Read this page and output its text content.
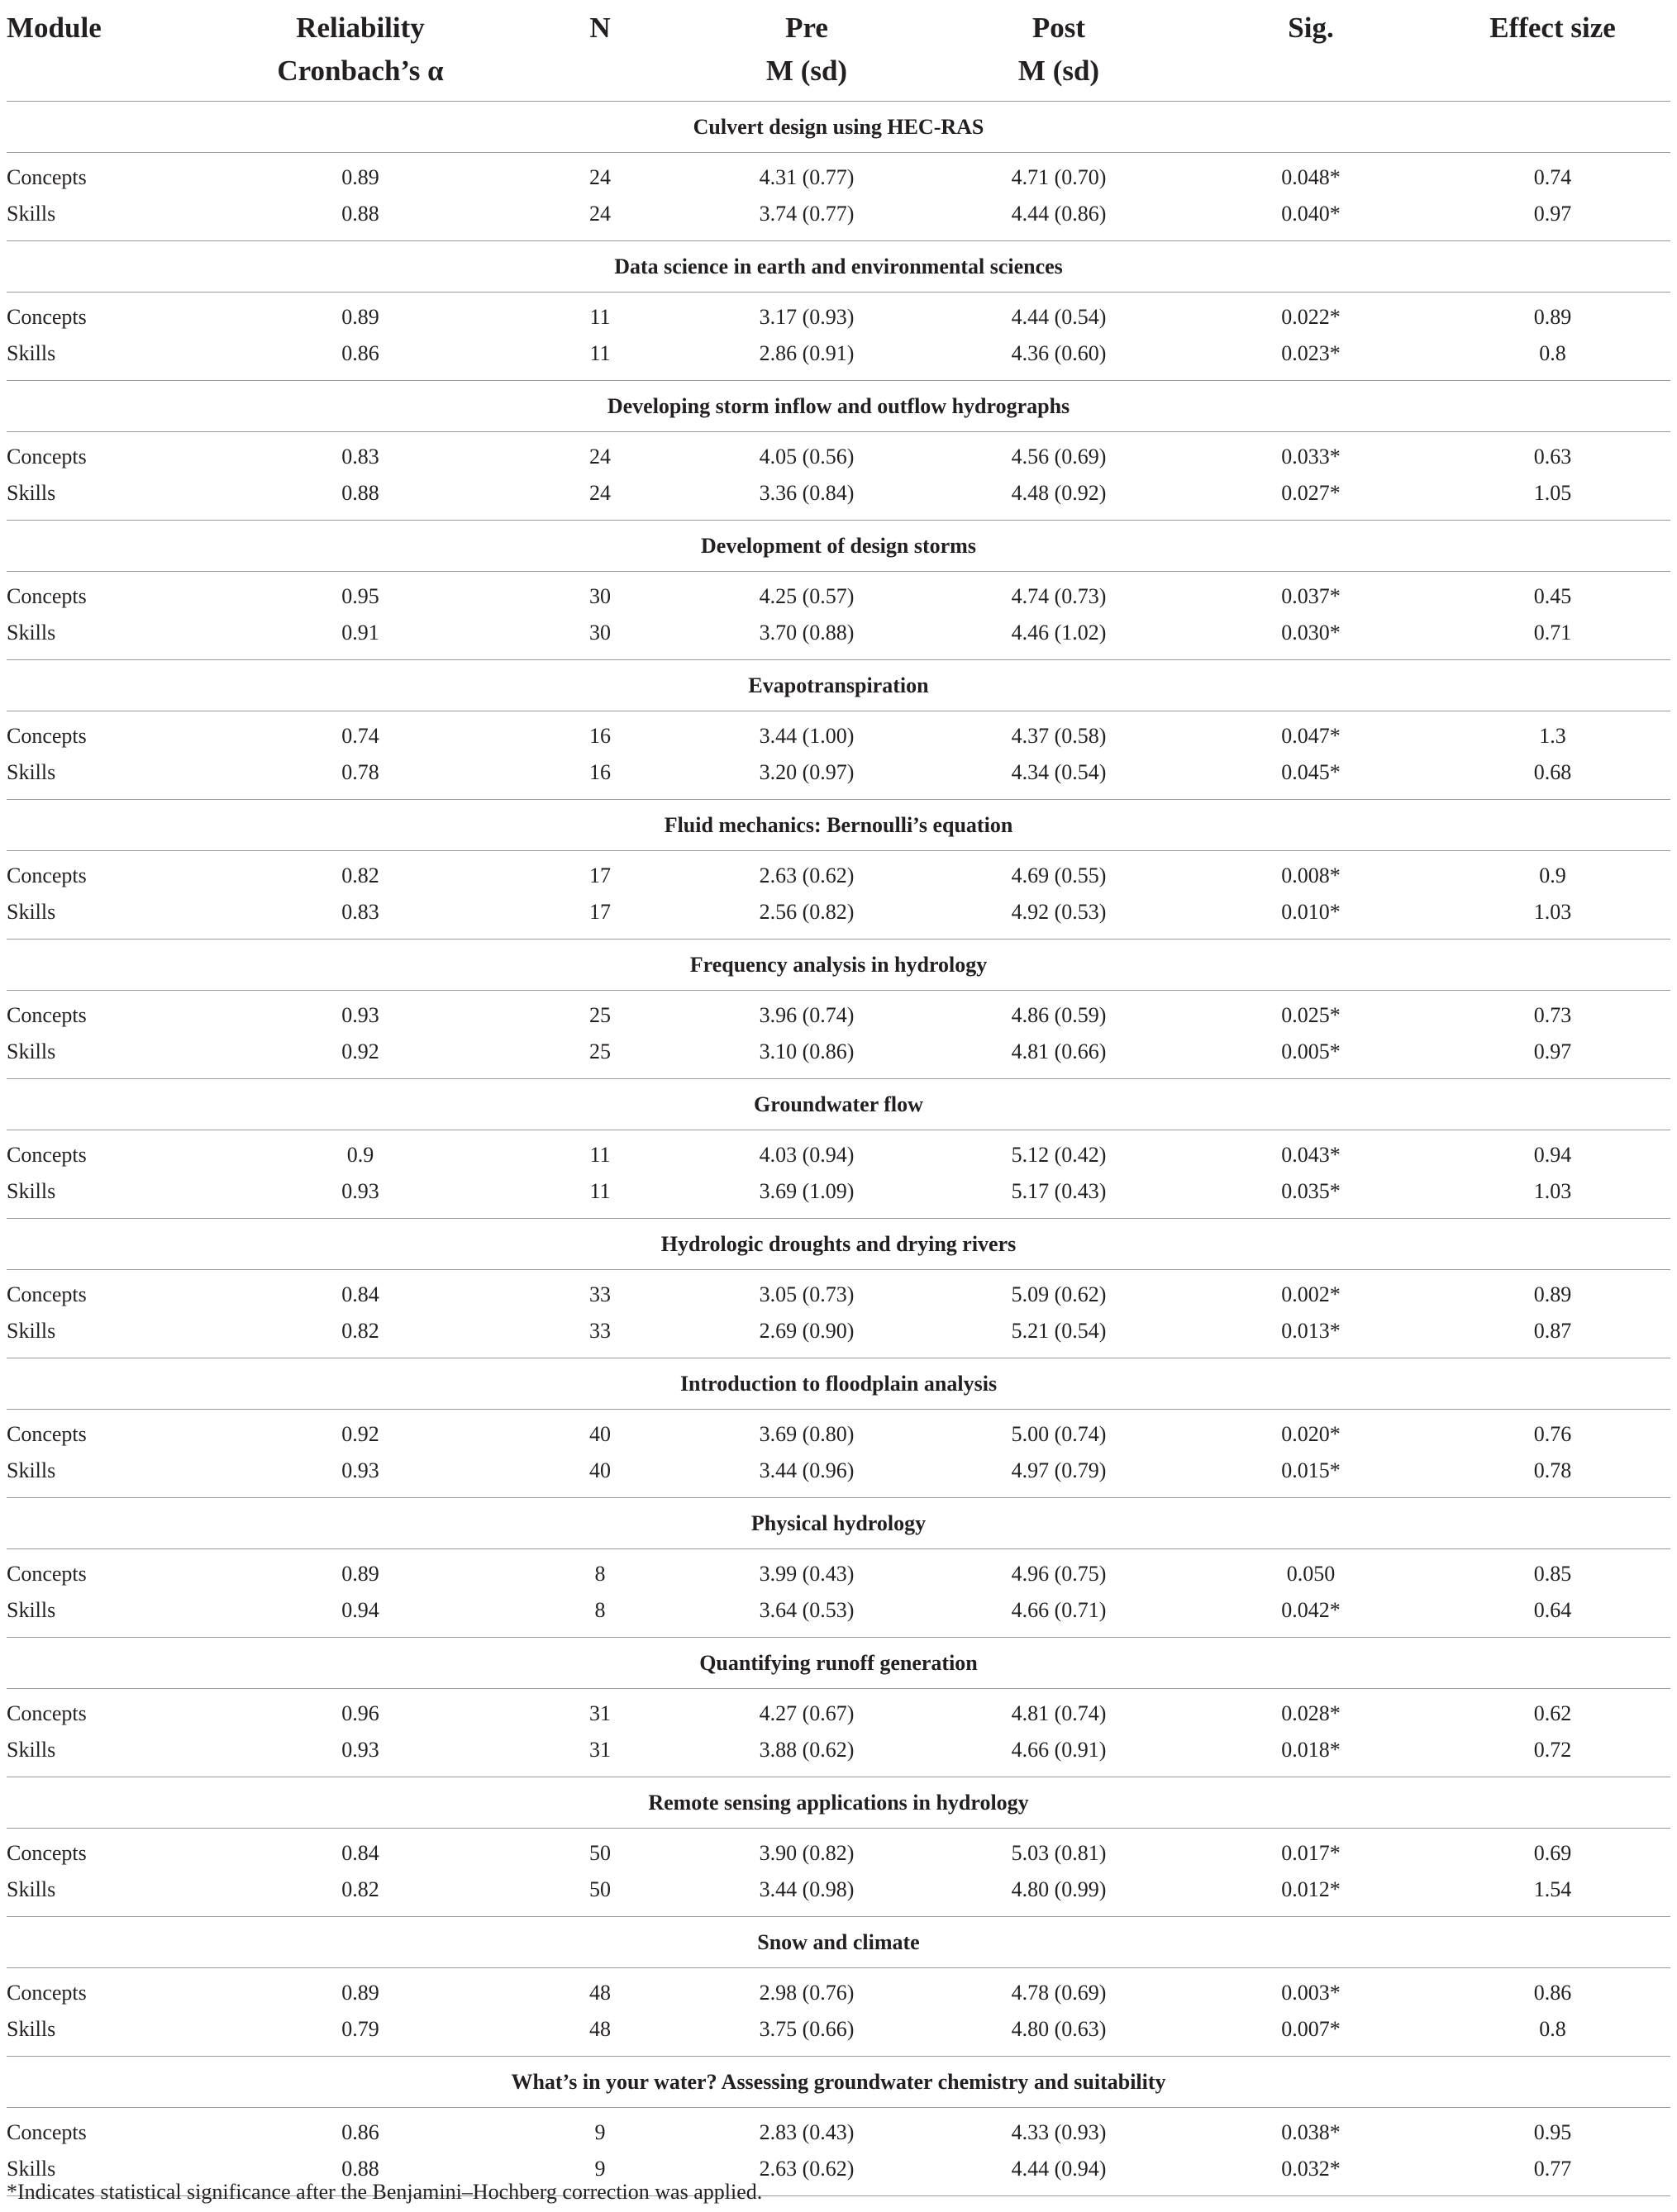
Module	Reliability	N	Pre	Post	Sig.	Effect size
	Cronbach’s α		M (sd)	M (sd)		
Culvert design using HEC-RAS						
Concepts	0.89	24	4.31 (0.77)	4.71 (0.70)	0.048*	0.74
Skills	0.88	24	3.74 (0.77)	4.44 (0.86)	0.040*	0.97
Data science in earth and environmental sciences						
Concepts	0.89	11	3.17 (0.93)	4.44 (0.54)	0.022*	0.89
Skills	0.86	11	2.86 (0.91)	4.36 (0.60)	0.023*	0.8
Developing storm inflow and outflow hydrographs						
Concepts	0.83	24	4.05 (0.56)	4.56 (0.69)	0.033*	0.63
Skills	0.88	24	3.36 (0.84)	4.48 (0.92)	0.027*	1.05
Development of design storms						
Concepts	0.95	30	4.25 (0.57)	4.74 (0.73)	0.037*	0.45
Skills	0.91	30	3.70 (0.88)	4.46 (1.02)	0.030*	0.71
Evapotranspiration						
Concepts	0.74	16	3.44 (1.00)	4.37 (0.58)	0.047*	1.3
Skills	0.78	16	3.20 (0.97)	4.34 (0.54)	0.045*	0.68
Fluid mechanics: Bernoulli’s equation						
Concepts	0.82	17	2.63 (0.62)	4.69 (0.55)	0.008*	0.9
Skills	0.83	17	2.56 (0.82)	4.92 (0.53)	0.010*	1.03
Frequency analysis in hydrology						
Concepts	0.93	25	3.96 (0.74)	4.86 (0.59)	0.025*	0.73
Skills	0.92	25	3.10 (0.86)	4.81 (0.66)	0.005*	0.97
Groundwater flow						
Concepts	0.9	11	4.03 (0.94)	5.12 (0.42)	0.043*	0.94
Skills	0.93	11	3.69 (1.09)	5.17 (0.43)	0.035*	1.03
Hydrologic droughts and drying rivers						
Concepts	0.84	33	3.05 (0.73)	5.09 (0.62)	0.002*	0.89
Skills	0.82	33	2.69 (0.90)	5.21 (0.54)	0.013*	0.87
Introduction to floodplain analysis						
Concepts	0.92	40	3.69 (0.80)	5.00 (0.74)	0.020*	0.76
Skills	0.93	40	3.44 (0.96)	4.97 (0.79)	0.015*	0.78
Physical hydrology						
Concepts	0.89	8	3.99 (0.43)	4.96 (0.75)	0.050	0.85
Skills	0.94	8	3.64 (0.53)	4.66 (0.71)	0.042*	0.64
Quantifying runoff generation						
Concepts	0.96	31	4.27 (0.67)	4.81 (0.74)	0.028*	0.62
Skills	0.93	31	3.88 (0.62)	4.66 (0.91)	0.018*	0.72
Remote sensing applications in hydrology						
Concepts	0.84	50	3.90 (0.82)	5.03 (0.81)	0.017*	0.69
Skills	0.82	50	3.44 (0.98)	4.80 (0.99)	0.012*	1.54
Snow and climate						
Concepts	0.89	48	2.98 (0.76)	4.78 (0.69)	0.003*	0.86
Skills	0.79	48	3.75 (0.66)	4.80 (0.63)	0.007*	0.8
What’s in your water? Assessing groundwater chemistry and suitability						
Concepts	0.86	9	2.83 (0.43)	4.33 (0.93)	0.038*	0.95
Skills	0.88	9	2.63 (0.62)	4.44 (0.94)	0.032*	0.77
*Indicates statistical significance after the Benjamini–Hochberg correction was applied.
